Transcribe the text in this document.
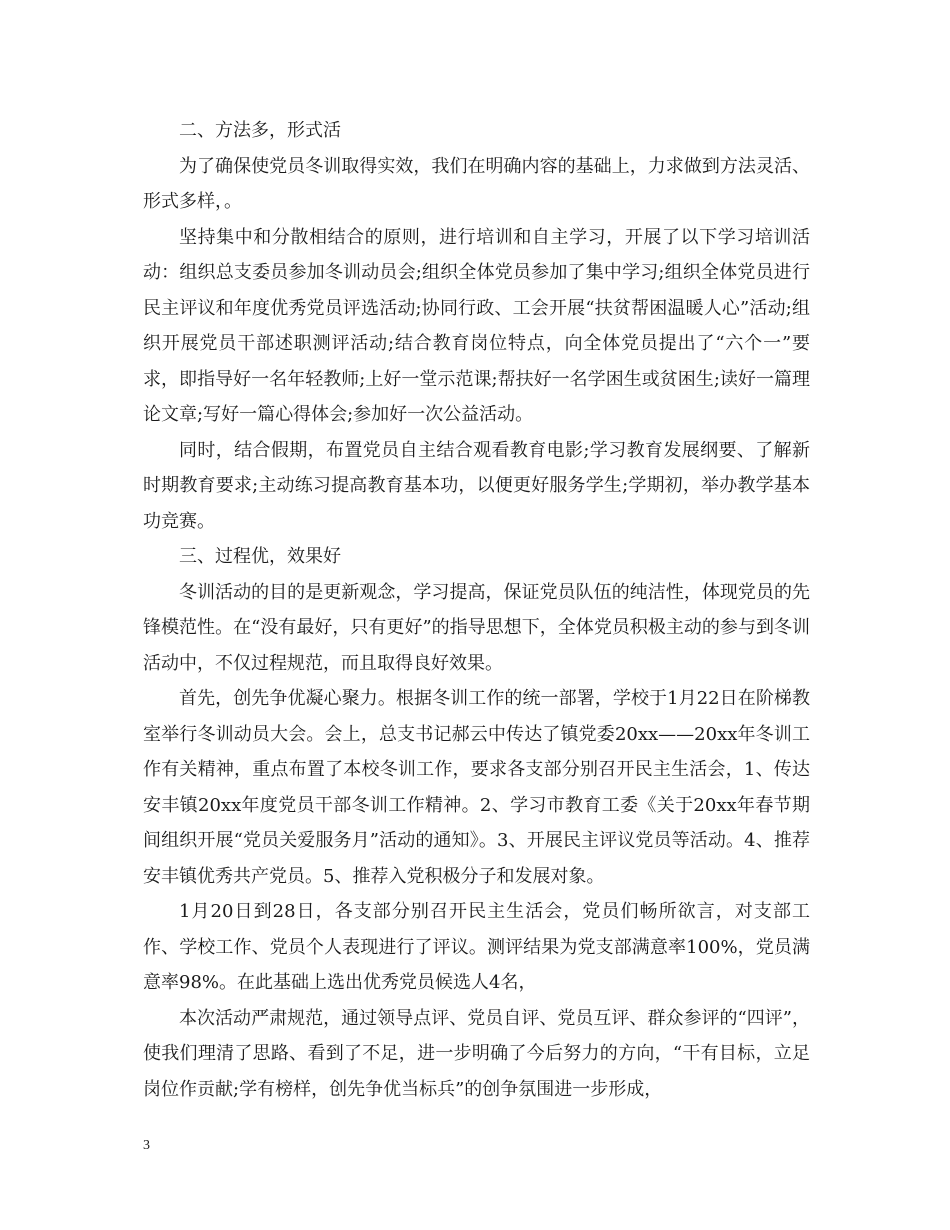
二、方法多，形式活

为了确保使党员冬训取得实效，我们在明确内容的基础上，力求做到方法灵活、形式多样，。

坚持集中和分散相结合的原则，进行培训和自主学习，开展了以下学习培训活动：组织总支委员参加冬训动员会;组织全体党员参加了集中学习;组织全体党员进行民主评议和年度优秀党员评选活动;协同行政、工会开展“扶贫帮困温暖人心”活动;组织开展党员干部述职测评活动;结合教育岗位特点，向全体党员提出了“六个一”要求，即指导好一名年轻教师;上好一堂示范课;帮扶好一名学困生或贫困生;读好一篇理论文章;写好一篇心得体会;参加好一次公益活动。

同时，结合假期，布置党员自主结合观看教育电影;学习教育发展纲要、了解新时期教育要求;主动练习提高教育基本功，以便更好服务学生;学期初，举办教学基本功竞赛。

三、过程优，效果好

冬训活动的目的是更新观念，学习提高，保证党员队伍的纯洁性，体现党员的先锋模范性。在“没有最好，只有更好”的指导思想下，全体党员积极主动的参与到冬训活动中，不仅过程规范，而且取得良好效果。

首先，创先争优凝心聚力。根据冬训工作的统一部署，学校于1月22日在阶梯教室举行冬训动员大会。会上，总支书记郝云中传达了镇党委20xx——20xx年冬训工作有关精神，重点布置了本校冬训工作，要求各支部分别召开民主生活会，1、传达安丰镇20xx年度党员干部冬训工作精神。2、学习市教育工委《关于20xx年春节期间组织开展“党员关爱服务月”活动的通知》。3、开展民主评议党员等活动。4、推荐安丰镇优秀共产党员。5、推荐入党积极分子和发展对象。

1月20日到28日，各支部分别召开民主生活会，党员们畅所欲言，对支部工作、学校工作、党员个人表现进行了评议。测评结果为党支部满意率100%，党员满意率98%。在此基础上选出优秀党员候选人4名，

本次活动严肃规范，通过领导点评、党员自评、党员互评、群众参评的“四评”，使我们理清了思路、看到了不足，进一步明确了今后努力的方向，“干有目标，立足岗位作贡献;学有榜样，创先争优当标兵”的创争氛围进一步形成，

3
